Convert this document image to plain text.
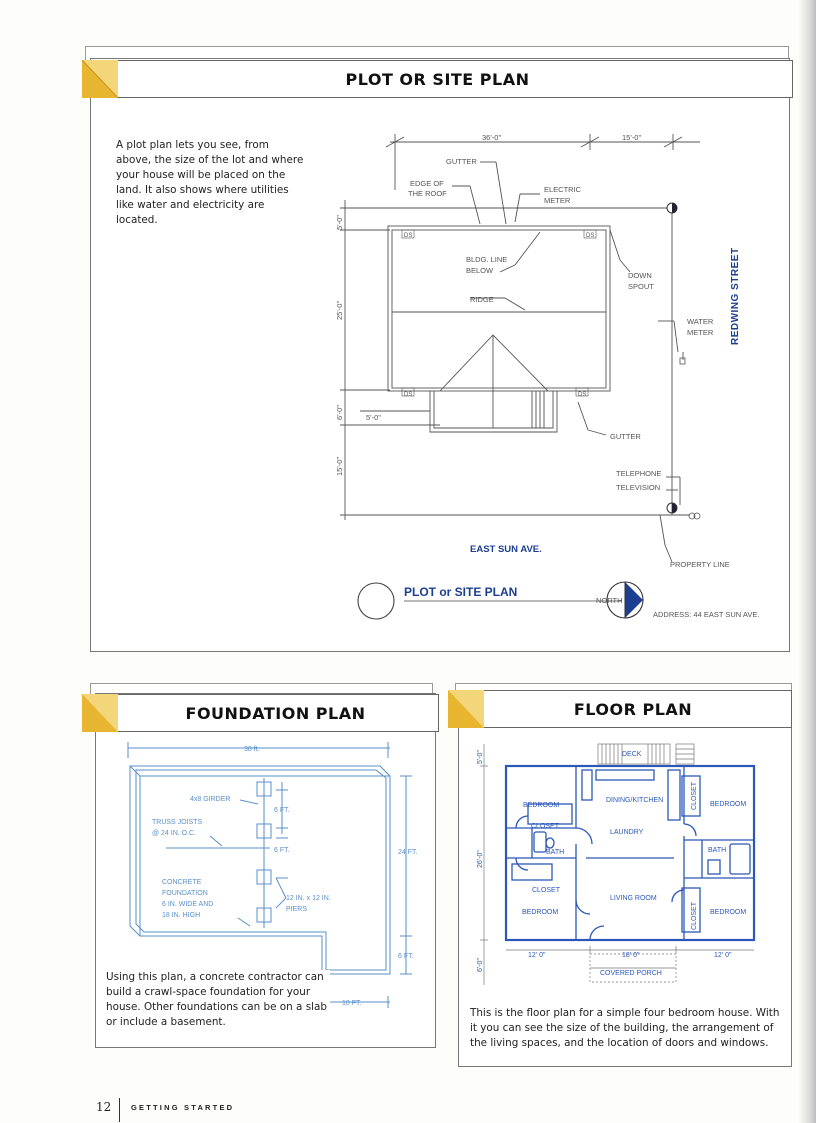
PLOT OR SITE PLAN
A plot plan lets you see, from above, the size of the lot and where your house will be placed on the land. It also shows where utilities like water and electricity are located.
36'-0"	15'-0"
GUTTER
EDGE OF
THE ROOF	ELECTRIC
METER
BLDG. LINE
BELOW
DOWN
SPOUT
RIDGE
WATER
METER
GUTTER
TELEPHONE
TELEVISION
PROPERTY LINE
NORTH
ADDRESS: 44 EAST SUN AVE.
DS	DS
DS	DS
5'-0"
5'-0"
25'-0"
6'-0"
15'-0"
REDWING STREET
EAST SUN AVE.
PLOT or SITE PLAN
FOUNDATION PLAN
38 ft.
4x8 GIRDER
TRUSS JOISTS
@ 24 IN. O.C.
6 FT.
6 FT.	24 FT.
CONCRETE
FOUNDATION
6 IN. WIDE AND
18 IN. HIGH
12 IN. x 12 IN.
PIERS
6 FT.
10 FT.
Using this plan, a concrete contractor can build a crawl-space foundation for your house. Other foundations can be on a slab or include a basement.
FLOOR PLAN
BEDROOM
BEDROOM
BEDROOM
BEDROOM
CLOSET
CLOSET
CLOSET
CLOSET
BATH	BATH
DINING/KITCHEN
LAUNDRY
LIVING ROOM
DECK
12' 0"	18' 0"	12' 0"
COVERED PORCH
5'-0"
26'-0"
6'-0"
This is the floor plan for a simple four bedroom house. With it you can see the size of the building, the arrangement of the living spaces, and the location of doors and windows.
12	GETTING STARTED
